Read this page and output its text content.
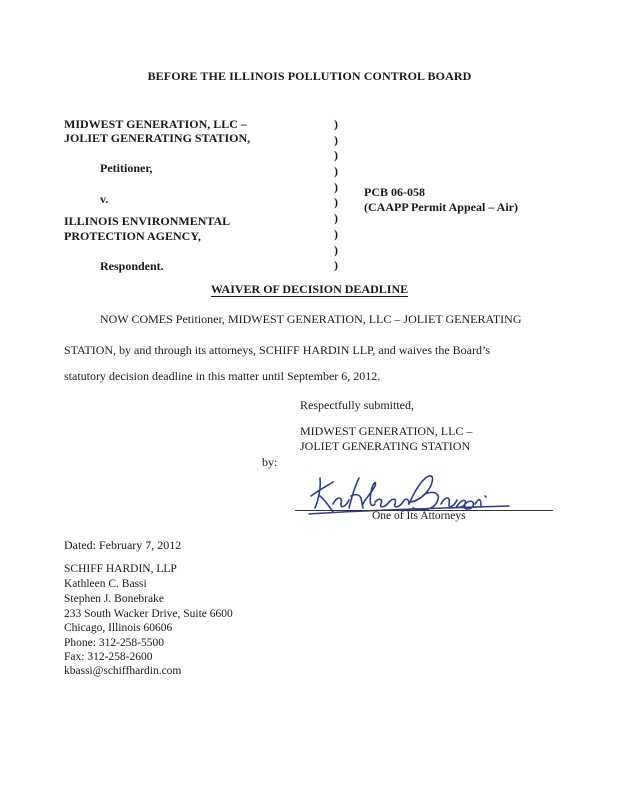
BEFORE THE ILLINOIS POLLUTION CONTROL BOARD
MIDWEST GENERATION, LLC –
JOLIET GENERATING STATION,
Petitioner,
v.
ILLINOIS ENVIRONMENTAL
PROTECTION AGENCY,
Respondent.
)
)
)
)
)
)
)
)
)
)
PCB 06-058
(CAAPP Permit Appeal – Air)
WAIVER OF DECISION DEADLINE
NOW COMES Petitioner, MIDWEST GENERATION, LLC – JOLIET GENERATING
STATION, by and through its attorneys, SCHIFF HARDIN LLP, and waives the Board’s
statutory decision deadline in this matter until September 6, 2012.
Respectfully submitted,
MIDWEST GENERATION, LLC –
JOLIET GENERATING STATION
by:
One of Its Attorneys
Dated: February 7, 2012
SCHIFF HARDIN, LLP
Kathleen C. Bassi
Stephen J. Bonebrake
233 South Wacker Drive, Suite 6600
Chicago, Illinois 60606
Phone: 312-258-5500
Fax: 312-258-2600
kbassi@schiffhardin.com
